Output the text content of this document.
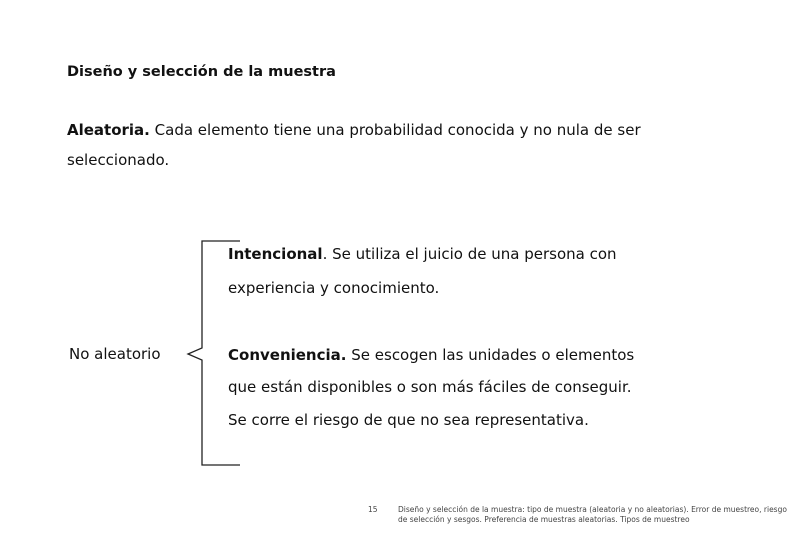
Diseño y selección de la muestra
Aleatoria. Cada elemento tiene una probabilidad conocida y no nula de ser
seleccionado.
No aleatorio
Intencional. Se utiliza el juicio de una persona con
experiencia y conocimiento.
Conveniencia. Se escogen las unidades o elementos
que están disponibles o son más fáciles de conseguir.
Se corre el riesgo de que no sea representativa.
15	Diseño y selección de la muestra: tipo de muestra (aleatoria y no aleatorias). Error de muestreo, riesgo
de selección y sesgos. Preferencia de muestras aleatorias. Tipos de muestreo
